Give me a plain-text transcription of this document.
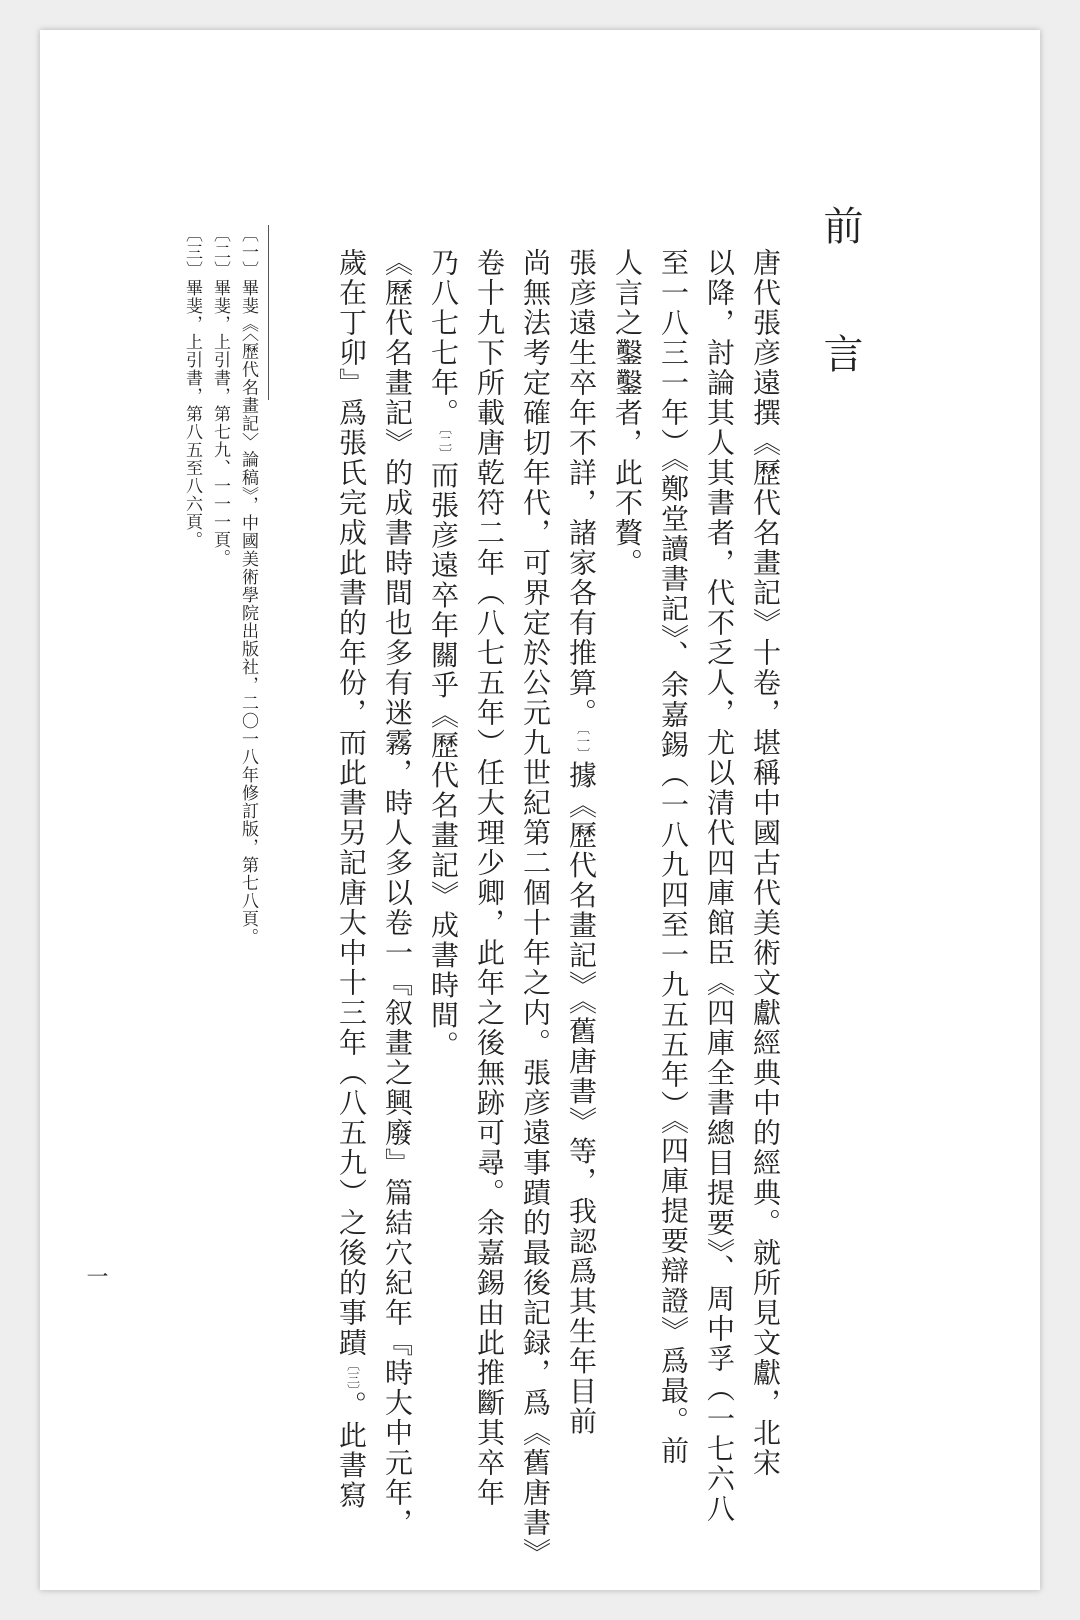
前言
唐代張彦遠撰《歷代名畫記》十卷，堪稱中國古代美術文獻經典中的經典。就所見文獻，北宋
以降，討論其人其書者，代不乏人，尤以清代四庫館臣《四庫全書總目提要》、周中孚（一七六八
至一八三一年）《鄭堂讀書記》、余嘉錫（一八九四至一九五五年）《四庫提要辯證》爲最。前
人言之鑿鑿者，此不贅。
張彦遠生卒年不詳，諸家各有推算。〔一〕據《歷代名畫記》《舊唐書》等，我認爲其生年目前
尚無法考定確切年代，可界定於公元九世紀第二個十年之内。張彦遠事蹟的最後記録，爲《舊唐書》
卷十九下所載唐乾符二年（八七五年）任大理少卿，此年之後無跡可尋。余嘉錫由此推斷其卒年
乃八七七年。〔二〕而張彦遠卒年關乎《歷代名畫記》成書時間。
《歷代名畫記》的成書時間也多有迷霧，時人多以卷一『叙畫之興廢』篇結穴紀年『時大中元年，
歲在丁卯』爲張氏完成此書的年份，而此書另記唐大中十三年（八五九）之後的事蹟〔三〕。此書寫
〔一〕畢斐《〈歷代名畫記〉論稿》，中國美術學院出版社，二〇一八年修訂版，第七八頁。
〔二〕畢斐，上引書，第七九、一一一頁。
〔三〕畢斐，上引書，第八五至八六頁。
一
